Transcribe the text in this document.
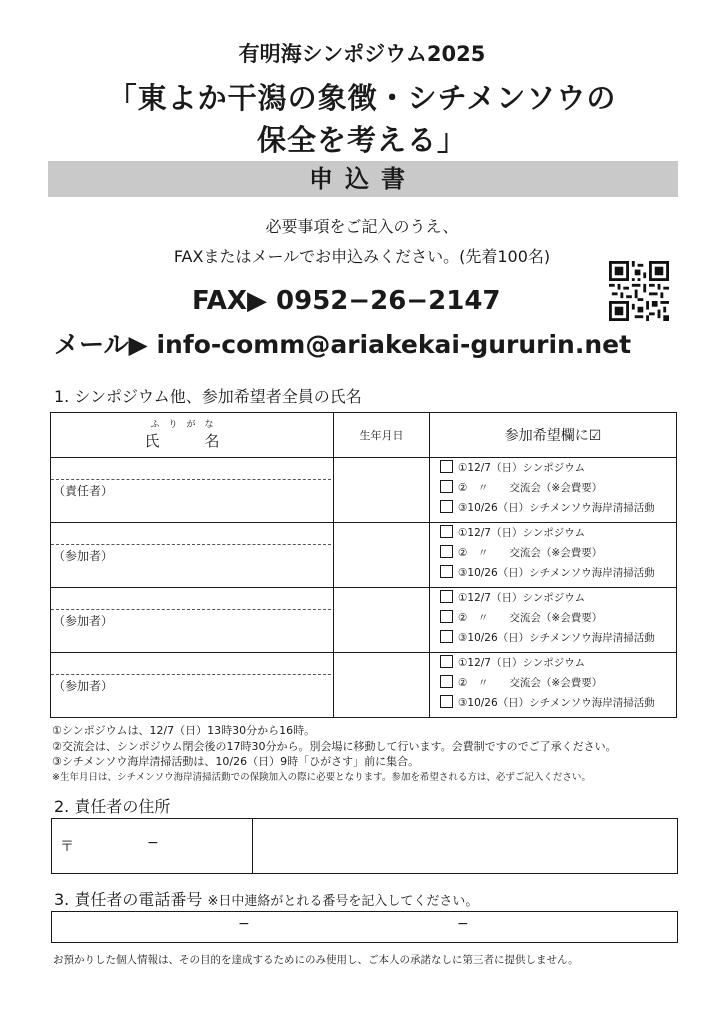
有明海シンポジウム2025
「東よか干潟の象徴・シチメンソウの
保全を考える」
申込書
必要事項をご記入のうえ、
FAXまたはメールでお申込みください。(先着100名)
FAX▶ 0952−26−2147
メール▶ info-comm@ariakekai-gururin.net
1. シンポジウム他、参加希望者全員の氏名
ふ　り　が　な
氏　　　名	生年月日	参加希望欄に☑

（責任者）		①12/7（日）シンポジウム
②　〃　　交流会（※会費要）
③10/26（日）シチメンソウ海岸清掃活動

（参加者）		①12/7（日）シンポジウム
②　〃　　交流会（※会費要）
③10/26（日）シチメンソウ海岸清掃活動

（参加者）		①12/7（日）シンポジウム
②　〃　　交流会（※会費要）
③10/26（日）シチメンソウ海岸清掃活動

（参加者）		①12/7（日）シンポジウム
②　〃　　交流会（※会費要）
③10/26（日）シチメンソウ海岸清掃活動
①シンポジウムは、12/7（日）13時30分から16時。
②交流会は、シンポジウム閉会後の17時30分から。別会場に移動して行います。会費制ですのでご了承ください。
③シチメンソウ海岸清掃活動は、10/26（日）9時「ひがさす」前に集合。
※生年月日は、シチメンソウ海岸清掃活動での保険加入の際に必要となります。参加を希望される方は、必ずご記入ください。
2. 責任者の住所
〒	−
3. 責任者の電話番号 ※日中連絡がとれる番号を記入してください。
−	−
お預かりした個人情報は、その目的を達成するためにのみ使用し、ご本人の承諾なしに第三者に提供しません。
